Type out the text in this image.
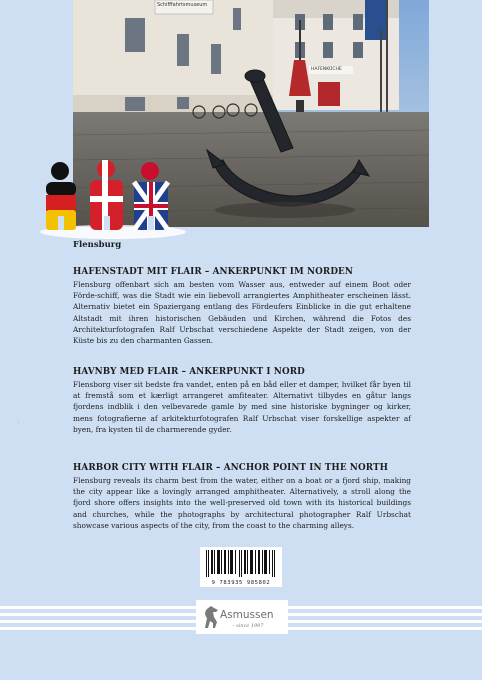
Schifffahrtsmuseum
HAFENKÜCHE

Flensburg

,
HAFENSTADT MIT FLAIR – ANKERPUNKT IM NORDEN

Flensburg offenbart sich am besten vom Wasser aus, entweder auf einem Boot oder Förde-schiff, was die Stadt wie ein liebevoll arrangiertes Amphitheater erscheinen lässt. Alternativ bietet ein Spaziergang entlang des Fördeufers Einblicke in die gut erhaltene Altstadt mit ihren historischen Gebäuden und Kirchen, während die Fotos des Architekturfotografen Ralf Urbschat verschiedene Aspekte der Stadt zeigen, von der Küste bis zu den charmanten Gassen.

HAVNBY MED FLAIR – ANKERPUNKT I NORD

Flensborg viser sit bedste fra vandet, enten på en båd eller et damper, hvilket får byen til at fremstå som et kærligt arrangeret amfiteater. Alternativt tilbydes en gåtur langs fjordens indblik i den velbevarede gamle by med sine historiske bygninger og kirker, mens fotografierne af arkitekturfotografen Ralf Urbschat viser forskellige aspekter af byen, fra kysten til de charmerende gyder.

HARBOR CITY WITH FLAIR – ANCHOR POINT IN THE NORTH

Flensburg reveals its charm best from the water, either on a boat or a fjord ship, making the city appear like a lovingly arranged amphitheater. Alternatively, a stroll along the fjord shore offers insights into the well-preserved old town with its historical buildings and churches, while the photographs by architectural photographer Ralf Urbschat showcase various aspects of the city, from the coast to the charming alleys.

9 783935 985802
Asmussen
– since 1997
